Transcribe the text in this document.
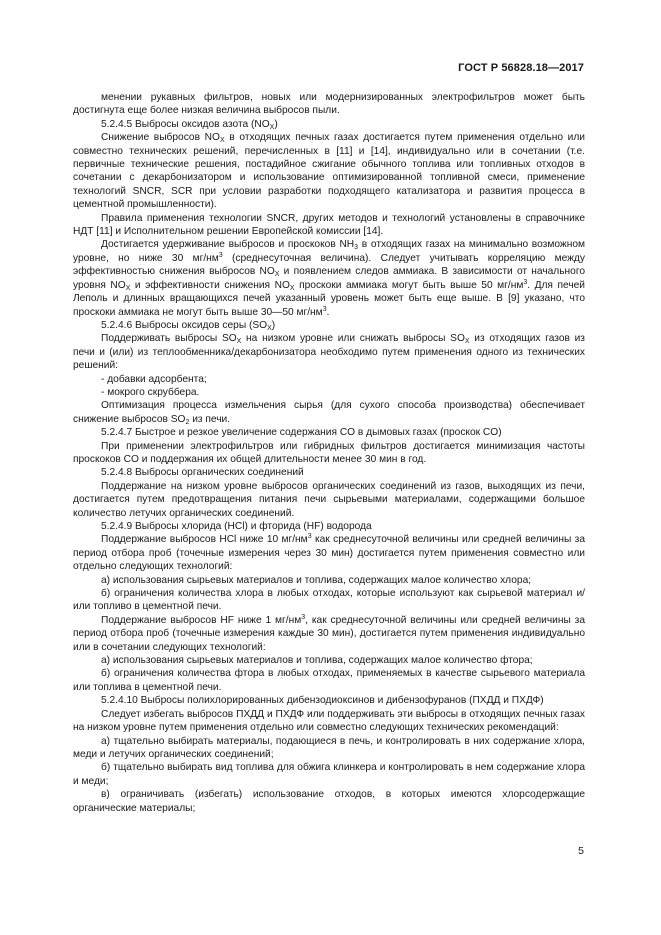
ГОСТ Р 56828.18—2017

менении рукавных фильтров, новых или модернизированных электрофильтров может быть достигнута еще более низкая величина выбросов пыли.

5.2.4.5 Выбросы оксидов азота $(NO_X)$

Снижение выбросов $NO_X$ в отходящих печных газах достигается путем применения отдельно или совместно технических решений, перечисленных в [11] и [14], индивидуально или в сочетании (т.е. первичные технические решения, постадийное сжигание обычного топлива или топливных отходов в сочетании с декарбонизатором и использование оптимизированной топливной смеси, применение технологий SNCR, SCR при условии разработки подходящего катализатора и развития процесса в цементной промышленности).

Правила применения технологии SNCR, других методов и технологий установлены в справочнике НДТ [11] и Исполнительном решении Европейской комиссии [14].

Достигается удерживание выбросов и проскоков $NH_3$ в отходящих газах на минимально возможном уровне, но ниже 30 $мг/нм^3$ (среднесуточная величина). Следует учитывать корреляцию между эффективностью снижения выбросов $NO_X$ и появлением следов аммиака. В зависимости от начального уровня $NO_X$ и эффективности снижения $NO_X$ проскоки аммиака могут быть выше 50 $мг/нм^3$. Для печей Леполь и длинных вращающихся печей указанный уровень может быть еще выше. В [9] указано, что проскоки аммиака не могут быть выше 30—50 $мг/нм^3$.

5.2.4.6 Выбросы оксидов серы $(SO_X)$

Поддерживать выбросы $SO_X$ на низком уровне или снижать выбросы $SO_X$ из отходящих газов из печи и (или) из теплообменника/декарбонизатора необходимо путем применения одного из технических решений:

- добавки адсорбента;

- мокрого скруббера.

Оптимизация процесса измельчения сырья (для сухого способа производства) обеспечивает снижение выбросов $SO_2$ из печи.

5.2.4.7 Быстрое и резкое увеличение содержания CO в дымовых газах (проскок CO)

При применении электрофильтров или гибридных фильтров достигается минимизация частоты проскоков CO и поддержания их общей длительности менее 30 мин в год.

5.2.4.8 Выбросы органических соединений

Поддержание на низком уровне выбросов органических соединений из газов, выходящих из печи, достигается путем предотвращения питания печи сырьевыми материалами, содержащими большое количество летучих органических соединений.

5.2.4.9 Выбросы хлорида (HCl) и фторида (HF) водорода

Поддержание выбросов HCl ниже 10 $мг/нм^3$ как среднесуточной величины или средней величины за период отбора проб (точечные измерения через 30 мин) достигается путем применения совместно или отдельно следующих технологий:

а) использования сырьевых материалов и топлива, содержащих малое количество хлора;

б) ограничения количества хлора в любых отходах, которые используют как сырьевой материал и/или топливо в цементной печи.

Поддержание выбросов HF ниже 1 $мг/нм^3$, как среднесуточной величины или средней величины за период отбора проб (точечные измерения каждые 30 мин), достигается путем применения индивидуально или в сочетании следующих технологий:

а) использования сырьевых материалов и топлива, содержащих малое количество фтора;

б) ограничения количества фтора в любых отходах, применяемых в качестве сырьевого материала или топлива в цементной печи.

5.2.4.10 Выбросы полихлорированных дибензодиоксинов и дибензофуранов (ПХДД и ПХДФ)

Следует избегать выбросов ПХДД и ПХДФ или поддерживать эти выбросы в отходящих печных газах на низком уровне путем применения отдельно или совместно следующих технических рекомендаций:

а) тщательно выбирать материалы, подающиеся в печь, и контролировать в них содержание хлора, меди и летучих органических соединений;

б) тщательно выбирать вид топлива для обжига клинкера и контролировать в нем содержание хлора и меди;

в) ограничивать (избегать) использование отходов, в которых имеются хлорсодержащие органические материалы;

5
